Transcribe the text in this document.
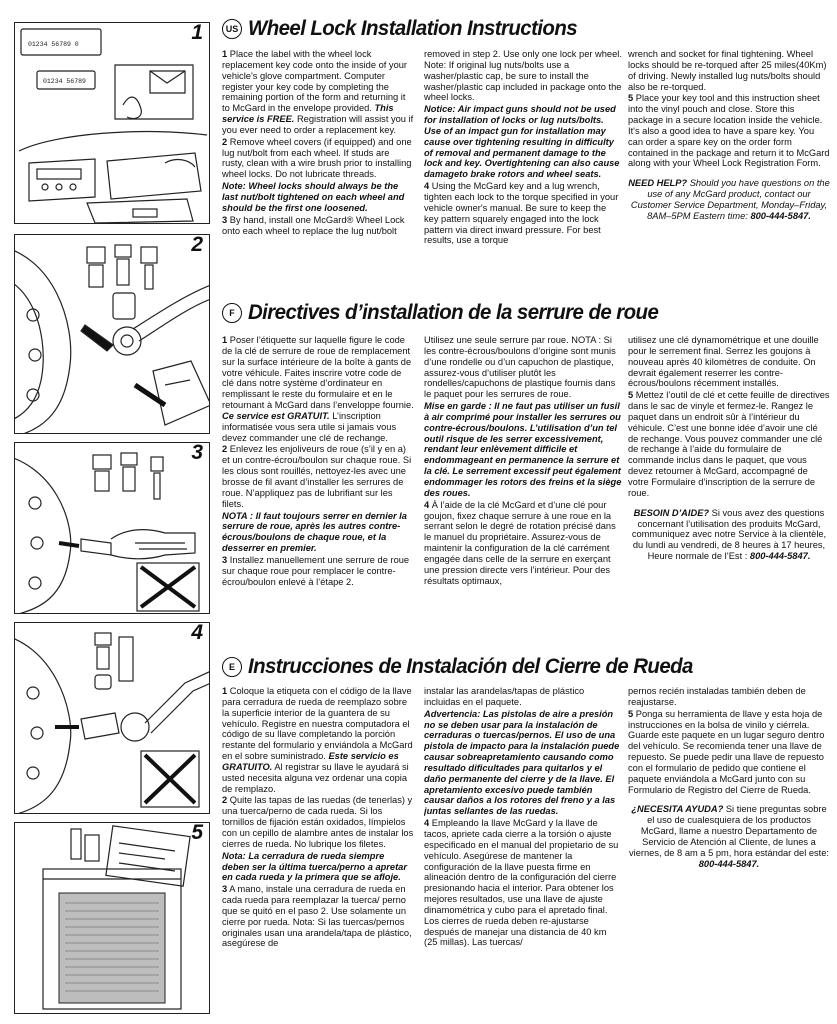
1
01234 56789 0
01234 56789
2
3
4
5
US Wheel Lock Installation Instructions

1 Place the label with the wheel lock replacement key code onto the inside of your vehicle's glove compartment. Computer register your key code by completing the remaining portion of the form and returning it to McGard in the envelope provided. This service is FREE. Registration will assist you if you ever need to order a replacement key.

2 Remove wheel covers (if equipped) and one lug nut/bolt from each wheel. If studs are rusty, clean with a wire brush prior to installing wheel locks. Do not lubricate threads.

Note: Wheel locks should always be the last nut/bolt tightened on each wheel and should be the first one loosened.

3 By hand, install one McGard® Wheel Lock onto each wheel to replace the lug nut/bolt

removed in step 2. Use only one lock per wheel. Note: If original lug nuts/bolts use a washer/plastic cap, be sure to install the washer/plastic cap included in package onto the wheel locks.

Notice: Air impact guns should not be used for installation of locks or lug nuts/bolts. Use of an impact gun for installation may cause over tightening resulting in difficulty of removal and permanent damage to the lock and key. Overtightening can also cause damageto brake rotors and wheel seats.

4 Using the McGard key and a lug wrench, tighten each lock to the torque specified in your vehicle owner's manual. Be sure to keep the key pattern squarely engaged into the lock pattern via direct inward pressure. For best results, use a torque

wrench and socket for final tightening. Wheel locks should be re-torqued after 25 miles(40Km) of driving. Newly installed lug nuts/bolts should also be re-torqued.

5 Place your key tool and this instruction sheet into the vinyl pouch and close. Store this package in a secure location inside the vehicle. It's also a good idea to have a spare key. You can order a spare key on the order form contained in the package and return it to McGard along with your Wheel Lock Registration Form.

NEED HELP? Should you have questions on the use of any McGard product, contact our Customer Service Department, Monday–Friday, 8AM–5PM Eastern time: 800-444-5847.

F Directives d’installation de la serrure de roue

1 Poser l’étiquette sur laquelle figure le code de la clé de serrure de roue de remplacement sur la surface intérieure de la boîte à gants de votre véhicule. Faites inscrire votre code de clé dans notre système d’ordinateur en remplissant le reste du formulaire et en le retournant à McGard dans l’enveloppe fournie.

Ce service est GRATUIT. L’inscription informatisée vous sera utile si jamais vous devez commander une clé de rechange.

2 Enlevez les enjoliveurs de roue (s’il y en a) et un contre-écrou/boulon sur chaque roue. Si les clous sont rouillés, nettoyez-les avec une brosse de fil avant d’installer les serrures de roue. N’appliquez pas de lubrifiant sur les filets.

NOTA : Il faut toujours serrer en dernier la serrure de roue, après les autres contre-écrous/boulons de chaque roue, et la desserrer en premier.

3 Installez manuellement une serrure de roue sur chaque roue pour remplacer le contre-écrou/boulon enlevé à l’étape 2.

Utilisez une seule serrure par roue. NOTA : Si les contre-écrous/boulons d’origine sont munis d’une rondelle ou d’un capuchon de plastique, assurez-vous d’utiliser plutôt les rondelles/capuchons de plastique fournis dans le paquet pour les serrures de roue.

Mise en garde : Il ne faut pas utiliser un fusil à air comprimé pour installer les serrures ou contre-écrous/boulons. L’utilisation d’un tel outil risque de les serrer excessivement, rendant leur enlèvement difficile et endommageant en permanence la serrure et la clé. Le serrement excessif peut également endommager les rotors des freins et la siège des roues.

4 À l’aide de la clé McGard et d’une clé pour goujon, fixez chaque serrure à une roue en la serrant selon le degré de rotation précisé dans le manuel du propriétaire. Assurez-vous de maintenir la configuration de la clé carrément engagée dans celle de la serrure en exerçant une pression directe vers l’intérieur. Pour des résultats optimaux,

utilisez une clé dynamométrique et une douille pour le serrement final. Serrez les goujons à nouveau après 40 kilomètres de conduite. On devrait également reserrer les contre-écrous/boulons récemment installés.

5 Mettez l’outil de clé et cette feuille de directives dans le sac de vinyle et fermez-le. Rangez le paquet dans un endroit sûr à l’intérieur du véhicule. C’est une bonne idée d’avoir une clé de rechange. Vous pouvez commander une clé de rechange à l’aide du formulaire de commande inclus dans le paquet, que vous devez retourner à McGard, accompagné de votre Formulaire d’inscription de la serrure de roue.

BESOIN D’AIDE? Si vous avez des questions concernant l’utilisation des produits McGard, communiquez avec notre Service à la clientèle, du lundi au vendredi, de 8 heures à 17 heures, Heure normale de l’Est : 800-444-5847.

E Instrucciones de Instalación del Cierre de Rueda

1 Coloque la etiqueta con el código de la llave para cerradura de rueda de reemplazo sobre la superficie interior de la guantera de su vehículo. Registre en nuestra computadora el código de su llave completando la porción restante del formulario y enviándola a McGard en el sobre suministrado. Este servicio es GRATUITO. Al registrar su llave le ayudará si usted necesita alguna vez ordenar una copia de remplazo.

2 Quite las tapas de las ruedas (de tenerlas) y una tuerca/perno de cada rueda. Si los tornillos de fijación están oxidados, límpielos con un cepillo de alambre antes de instalar los cierres de rueda. No lubrique los filetes.

Nota: La cerradura de rueda siempre deben ser la última tuerca/perno a apretar en cada rueda y la primera que se afloje.

3 A mano, instale una cerradura de rueda en cada rueda para reemplazar la tuerca/ perno que se quitó en el paso 2. Use solamente un cierre por rueda. Nota: Si las tuercas/pernos originales usan una arandela/tapa de plástico, asegúrese de

instalar las arandelas/tapas de plástico incluidas en el paquete.

Advertencia: Las pistolas de aire a presión no se deben usar para la instalación de cerraduras o tuercas/pernos. El uso de una pistola de impacto para la instalación puede causar sobreapretamiento causando como resultado dificultades para quitarlos y el daño permanente del cierre y de la llave. El apretamiento excesivo puede también causar daños a los rotores del freno y a las juntas sellantes de las ruedas.

4 Empleando la llave McGard y la llave de tacos, apriete cada cierre a la torsión o ajuste especificado en el manual del propietario de su vehículo. Asegúrese de mantener la configuración de la llave puesta firme en alineación dentro de la configuración del cierre presionando hacia el interior. Para obtener los mejores resultados, use una llave de ajuste dinamométrica y cubo para el apretado final. Los cierres de rueda deben re-ajustarse después de manejar una distancia de 40 km (25 millas). Las tuercas/

pernos recién instaladas también deben de reajustarse.

5 Ponga su herramienta de llave y esta hoja de instrucciones en la bolsa de vinilo y ciérrela. Guarde este paquete en un lugar seguro dentro del vehículo. Se recomienda tener una llave de repuesto. Se puede pedir una llave de repuesto con el formulario de pedido que contiene el paquete enviándola a McGard junto con su Formulario de Registro del Cierre de Rueda.

¿NECESITA AYUDA? Si tiene preguntas sobre el uso de cualesquiera de los productos McGard, llame a nuestro Departamento de Servicio de Atención al Cliente, de lunes a viernes, de 8 am a 5 pm, hora estándar del este: 800-444-5847.
